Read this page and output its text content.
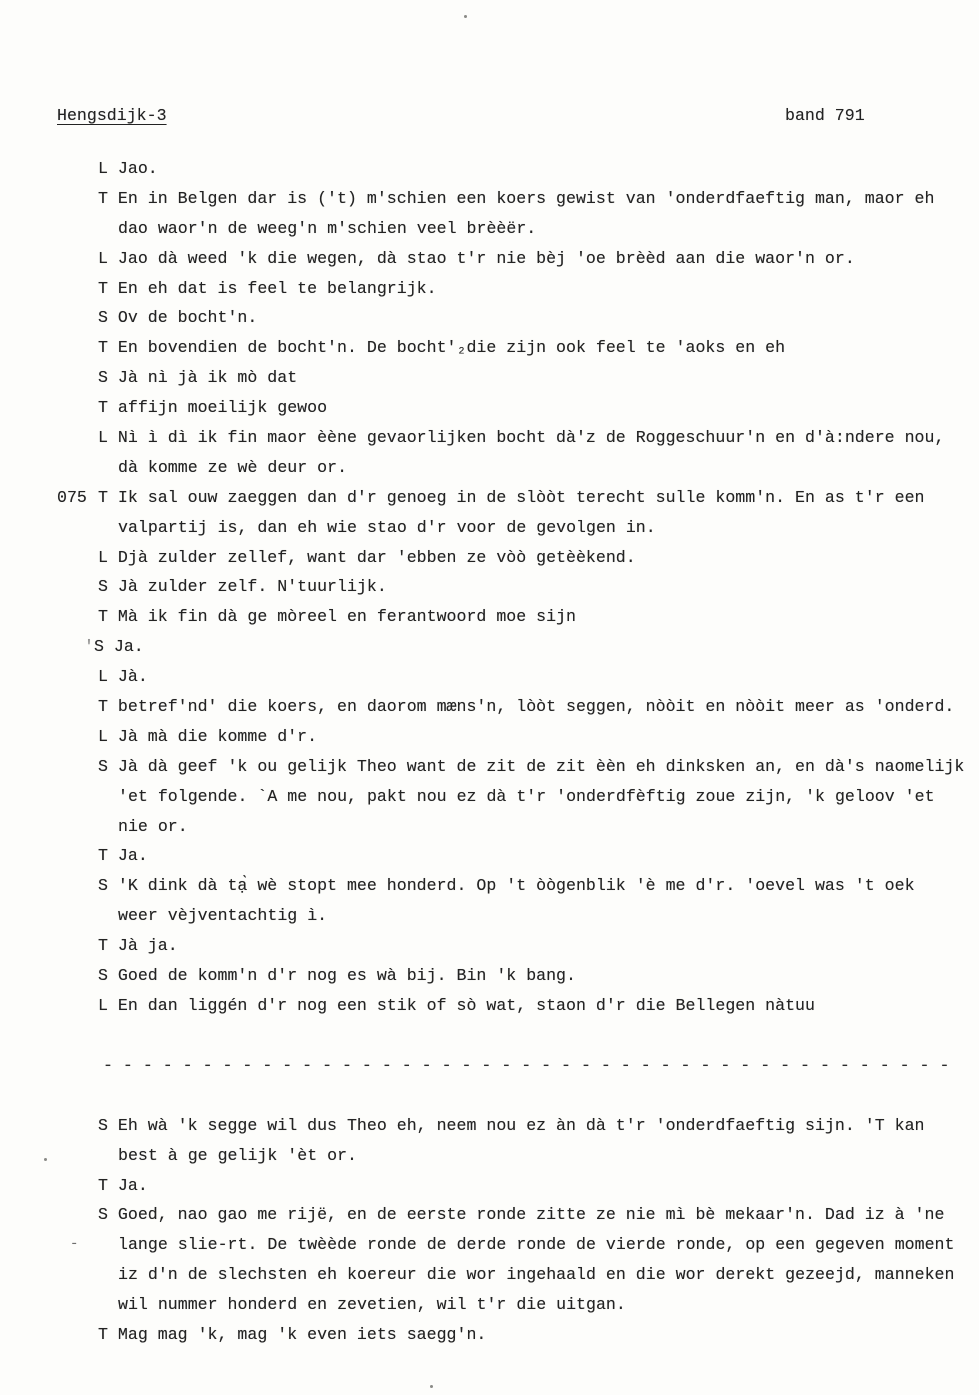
Hengsdijk-3	band 791
L Jao.
T En in Belgen dar is ('t) m'schien een koers gewist van 'onderdfaeftig man, maor eh
dao waor'n de weeg'n m'schien veel brèèër.
L Jao dà weed 'k die wegen, dà stao t'r nie bèj 'oe brèèd aan die waor'n or.
T En eh dat is feel te belangrijk.
S Ov de bocht'n.
T En bovendien de bocht'n. De bocht'₂die zijn ook feel te 'aoks en eh
S Jà nì jà ik mò dat
T affijn moeilijk gewoo
L Nì ì dì ik fin maor èène gevaorlijken bocht dà'z de Roggeschuur'n en d'à:ndere nou,
dà komme ze wè deur or.
075 T Ik sal ouw zaeggen dan d'r genoeg in de slòòt terecht sulle komm'n. En as t'r een
valpartij is, dan eh wie stao d'r voor de gevolgen in.
L Djà zulder zellef, want dar 'ebben ze vòò getèèkend.
S Jà zulder zelf. N'tuurlijk.
T Mà ik fin dà ge mòreel en ferantwoord moe sijn
'S Ja.
L Jà.
T betref'nd' die koers, en daorom mæns'n, lòòt seggen, nòòit en nòòit meer as 'onderd.
L Jà mà die komme d'r.
S Jà dà geef 'k ou gelijk Theo want de zit de zit èèn eh dinksken an, en dà's naomelijk
'et folgende. `A me nou, pakt nou ez dà t'r 'onderdfèftig zoue zijn, 'k geloov 'et
nie or.
T Ja.
S 'K dink dà tạ̀ wè stopt mee honderd. Op 't òògenblik 'è me d'r. 'oevel was 't oek
weer vèjventachtig ì.
T Jà ja.
S Goed de komm'n d'r nog es wà bij. Bin 'k bang.
L En dan liggén d'r nog een stik of sò wat, staon d'r die Bellegen nàtuu
- - - - - - - - - - - - - - - - - - - - - - - - - - - - - - - - - - - - - - - - - - -
S Eh wà 'k segge wil dus Theo eh, neem nou ez àn dà t'r 'onderdfaeftig sijn. 'T kan
best à ge gelijk 'èt or.
T Ja.
S Goed, nao gao me rijë, en de eerste ronde zitte ze nie mì bè mekaar'n. Dad iz à 'ne
- lange slie-rt. De twèède ronde de derde ronde de vierde ronde, op een gegeven moment
iz d'n de slechsten eh koereur die wor ingehaald en die wor derekt gezeejd, manneken
wil nummer honderd en zevetien, wil t'r die uitgan.
T Mag mag 'k, mag 'k even iets saegg'n.
